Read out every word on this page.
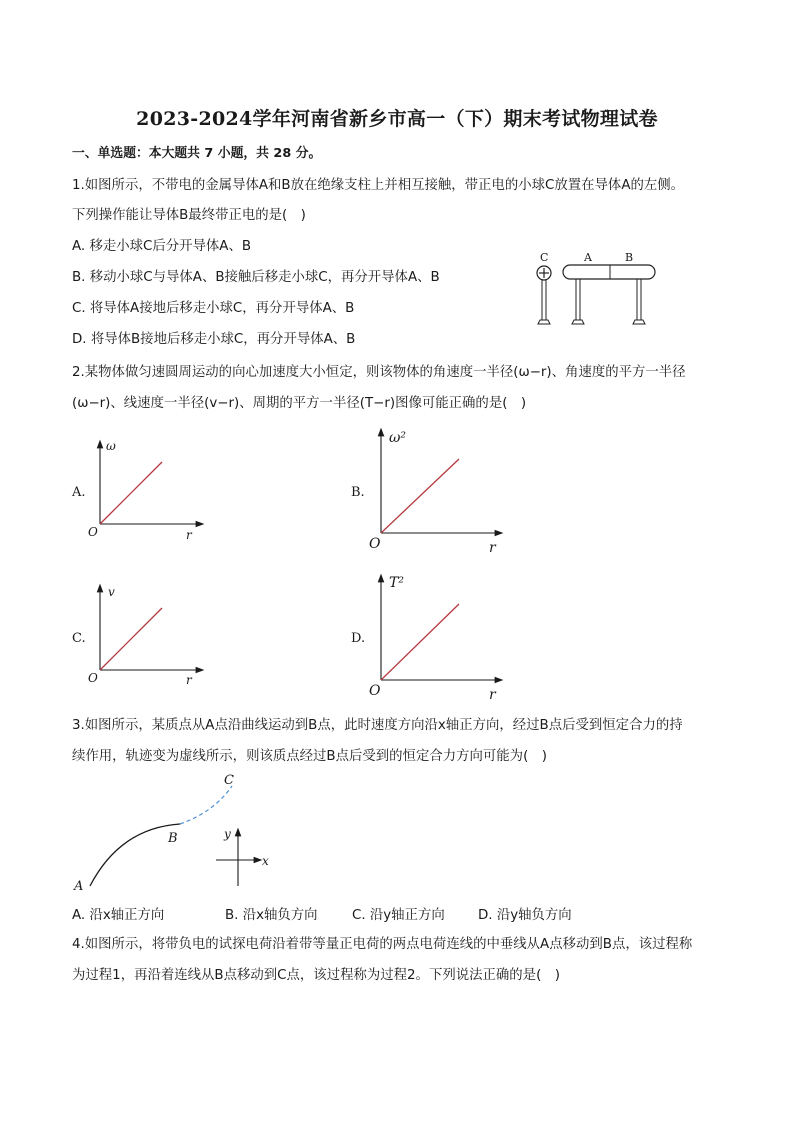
2023-2024学年河南省新乡市高一（下）期末考试物理试卷
一、单选题：本大题共 7 小题，共 28 分。
1.如图所示，不带电的金属导体A和B放在绝缘支柱上并相互接触，带正电的小球C放置在导体A的左侧。
下列操作能让导体B最终带正电的是(　)
A. 移走小球C后分开导体A、B
B. 移动小球C与导体A、B接触后移走小球C，再分开导体A、B
C. 将导体A接地后移走小球C，再分开导体A、B
D. 将导体B接地后移走小球C，再分开导体A、B
C	A	B
2.某物体做匀速圆周运动的向心加速度大小恒定，则该物体的角速度一半径(ω−r)、角速度的平方一半径
(ω−r)、线速度一半径(v−r)、周期的平方一半径(T−r)图像可能正确的是(　)
A.
ω
r
O
B.
ω²
r
O
C.
v
r
O
D.
T²
r
O
3.如图所示，某质点从A点沿曲线运动到B点，此时速度方向沿x轴正方向，经过B点后受到恒定合力的持
续作用，轨迹变为虚线所示，则该质点经过B点后受到的恒定合力方向可能为(　)
A
B
C
x
y
A. 沿x轴正方向	B. 沿x轴负方向	C. 沿y轴正方向 D. 沿y轴负方向
4.如图所示，将带负电的试探电荷沿着带等量正电荷的两点电荷连线的中垂线从A点移动到B点，该过程称
为过程1，再沿着连线从B点移动到C点，该过程称为过程2。下列说法正确的是(　)
